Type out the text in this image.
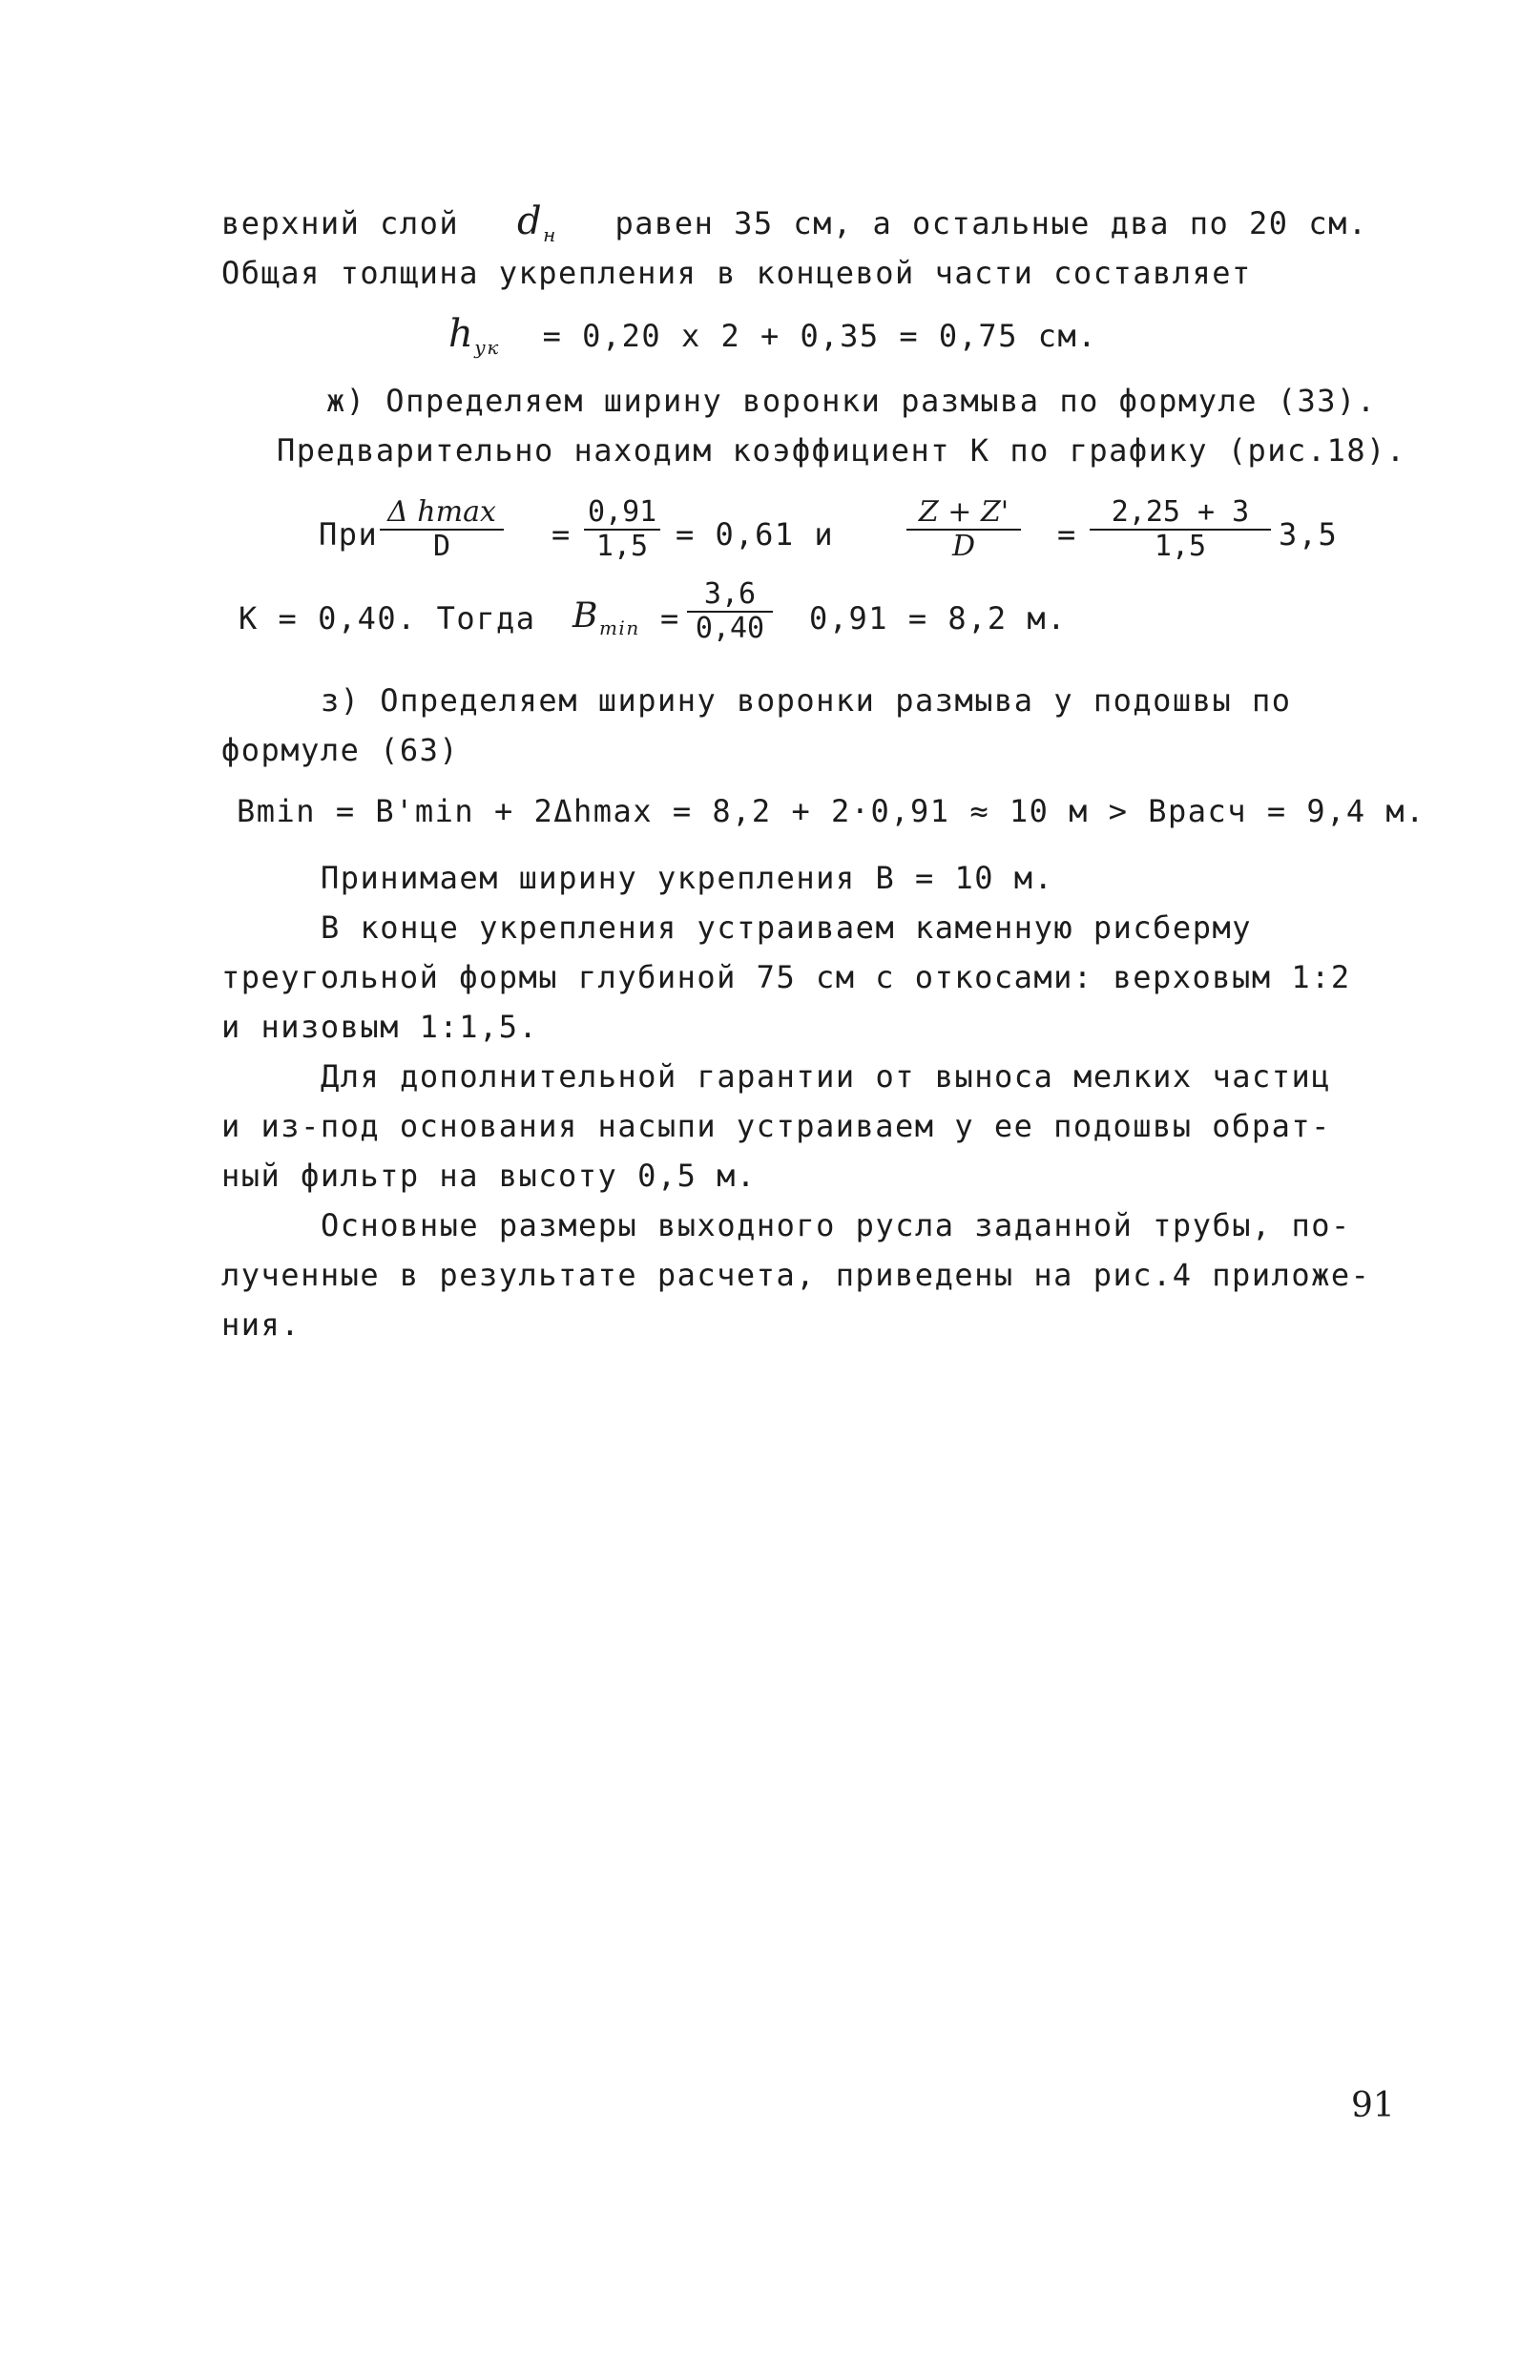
верхний слой $d_н$ равен 35 см, а остальные два по 20 см.
Общая толщина укрепления в концевой части составляет
$h_{ук} = 0,20$ x 2 + 0,35 = 0,75 см.
ж) Определяем ширину воронки размыва по формуле (33).
Предварительно находим коэффициент K по графику (рис.18).
При
Δ hmax
D	= $\frac{0,91}{1,5} = 0,61$ и	$\frac{Z + Z'}{D} = \frac{2,25 + 3}{1,5} 3,5$
K = 0,40. Тогда $B_{min} = \frac{3,6}{0,40} 0,91 = 8,2$ м.
з) Определяем ширину воронки размыва у подошвы по
формуле (63)
Bmin = B'min + 2Δhmax = 8,2 + 2·0,91 ≈ 10 м > Bрасч = 9,4 м.
Принимаем ширину укрепления B = 10 м.
В конце укрепления устраиваем каменную рисберму
треугольной формы глубиной 75 см с откосами: верховым 1:2
и низовым 1:1,5.
Для дополнительной гарантии от выноса мелких частиц
и из-под основания насыпи устраиваем у ее подошвы обрат-
ный фильтр на высоту 0,5 м.
Основные размеры выходного русла заданной трубы, по-
лученные в результате расчета, приведены на рис.4 приложе-
ния.
91
